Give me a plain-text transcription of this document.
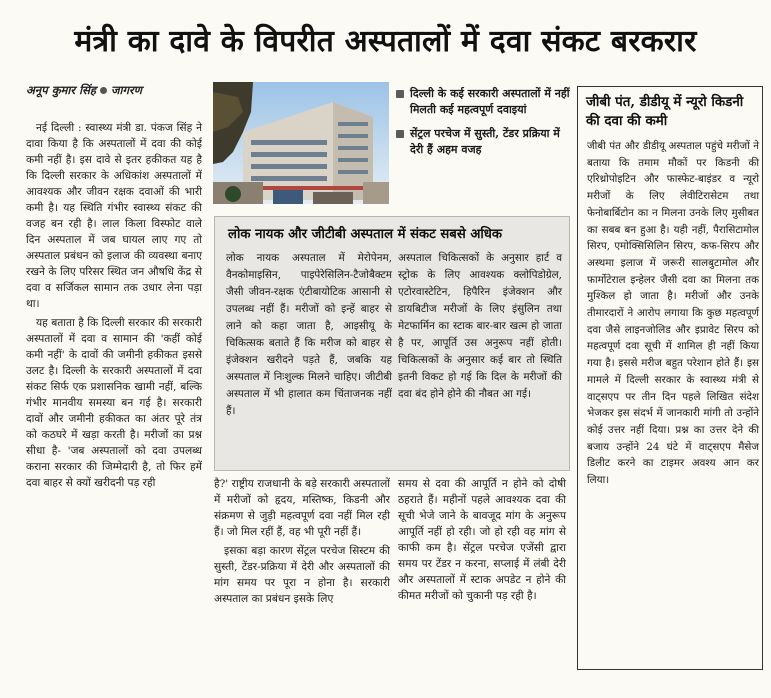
मंत्री का दावे के विपरीत अस्पतालों में दवा संकट बरकरार
अनूप कुमार सिंह जागरण

नई दिल्ली : स्वास्थ्य मंत्री डा. पंकज सिंह ने दावा किया है कि अस्पतालों में दवा की कोई कमी नहीं है। इस दावे से इतर हकीकत यह है कि दिल्ली सरकार के अधिकांश अस्पतालों में आवश्यक और जीवन रक्षक दवाओं की भारी कमी है। यह स्थिति गंभीर स्वास्थ्य संकट की वजह बन रही है। लाल किला विस्फोट वाले दिन अस्पताल में जब घायल लाए गए तो अस्पताल प्रबंधन को इलाज की व्यवस्था बनाए रखने के लिए परिसर स्थित जन औषधि केंद्र से दवा व सर्जिकल सामान तक उधार लेना पड़ा था।

यह बताता है कि दिल्ली सरकार की सरकारी अस्पतालों में दवा व सामान की 'कहीं कोई कमी नहीं' के दावों की जमीनी हकीकत इससे उलट है। दिल्ली के सरकारी अस्पतालों में दवा संकट सिर्फ एक प्रशासनिक खामी नहीं, बल्कि गंभीर मानवीय समस्या बन गई है। सरकारी दावों और जमीनी हकीकत का अंतर पूरे तंत्र को कठघरे में खड़ा करती है। मरीजों का प्रश्न सीधा है- 'जब अस्पतालों को दवा उपलब्ध कराना सरकार की जिम्मेदारी है, तो फिर हमें दवा बाहर से क्यों खरीदनी पड़ रही

दिल्ली के कई सरकारी अस्पतालों में नहीं मिलती कई महत्वपूर्ण दवाइयां
सेंट्रल परचेज में सुस्ती, टेंडर प्रक्रिया में देरी हैं अहम वजह
लोक नायक और जीटीबी अस्पताल में संकट सबसे अधिक
लोक नायक अस्पताल में मेरोपेनम, वैनकोमाइसिन, पाइपेरेसिलिन-टैजोबैक्टम जैसी जीवन-रक्षक एंटीबायोटिक आसानी से उपलब्ध नहीं हैं। मरीजों को इन्हें बाहर से लाने को कहा जाता है, आइसीयू के चिकित्सक बताते हैं कि मरीज को बाहर से इंजेक्शन खरीदने पड़ते हैं, जबकि यह अस्पताल में निःशुल्क मिलने चाहिए। जीटीबी अस्पताल में भी हालात कम चिंताजनक नहीं हैं।
अस्पताल चिकित्सकों के अनुसार हार्ट व स्ट्रोक के लिए आवश्यक क्लोपिडोग्रेल, एटोरवास्टेटिन, हिपैरिन इंजेक्शन और डायबिटीज मरीजों के लिए इंसुलिन तथा मेटफार्मिन का स्टाक बार-बार खत्म हो जाता है पर, आपूर्ति उस अनुरूप नहीं होती। चिकित्सकों के अनुसार कई बार तो स्थिति इतनी विकट हो गई कि दिल के मरीजों की दवा बंद होने होने की नौबत आ गई।

है?' राष्ट्रीय राजधानी के बड़े सरकारी अस्पतालों में मरीजों को हृदय, मस्तिष्क, किडनी और संक्रमण से जुड़ी महत्वपूर्ण दवा नहीं मिल रही हैं। जो मिल रहीं हैं, वह भी पूरी नहीं हैं।

इसका बड़ा कारण सेंट्रल परचेज सिस्टम की सुस्ती, टेंडर-प्रक्रिया में देरी और अस्पतालों की मांग समय पर पूरा न होना है। सरकारी अस्पताल का प्रबंधन इसके लिए

समय से दवा की आपूर्ति न होने को दोषी ठहराते हैं। महीनों पहले आवश्यक दवा की सूची भेजे जाने के बावजूद मांग के अनुरूप आपूर्ति नहीं हो रही। जो हो रही वह मांग से काफी कम है। सेंट्रल परचेज एजेंसी द्वारा समय पर टेंडर न करना, सप्लाई में लंबी देरी और अस्पतालों में स्टाक अपडेट न होने की कीमत मरीजों को चुकानी पड़ रही है।

जीबी पंत, डीडीयू में न्यूरो किडनी की दवा की कमी
जीबी पंत और डीडीयू अस्पताल पहुंचे मरीजों ने बताया कि तमाम मौकों पर किडनी की एरिथ्रोपोइटिन और फास्फेट-बाइंडर व न्यूरो मरीजों के लिए लेवीटिरासेटम तथा फेनोबार्बिटोन का न मिलना उनके लिए मुसीबत का सबब बन हुआ है। यही नहीं, पैरासिटामोल सिरप, एमोक्सिसिलिन सिरप, कफ-सिरप और अस्थमा इलाज में जरूरी सालबुटामोल और फार्मोटेराल इन्हेलर जैसी दवा का मिलना तक मुश्किल हो जाता है। मरीजों और उनके तीमारदारों ने आरोप लगाया कि कुछ महत्वपूर्ण दवा जैसे लाइनजोलिड और इप्रावेट सिरप को महत्वपूर्ण दवा सूची में शामिल ही नहीं किया गया है। इससे मरीज बहुत परेशान होते हैं। इस मामले में दिल्ली सरकार के स्वास्थ्य मंत्री से वाट्सएप पर तीन दिन पहले लिखित संदेश भेजकर इस संदर्भ में जानकारी मांगी तो उन्होंने कोई उत्तर नहीं दिया। प्रश्न का उत्तर देने की बजाय उन्होंने 24 घंटे में वाट्सएप मैसेज डिलीट करने का टाइमर अवश्य आन कर लिया।
